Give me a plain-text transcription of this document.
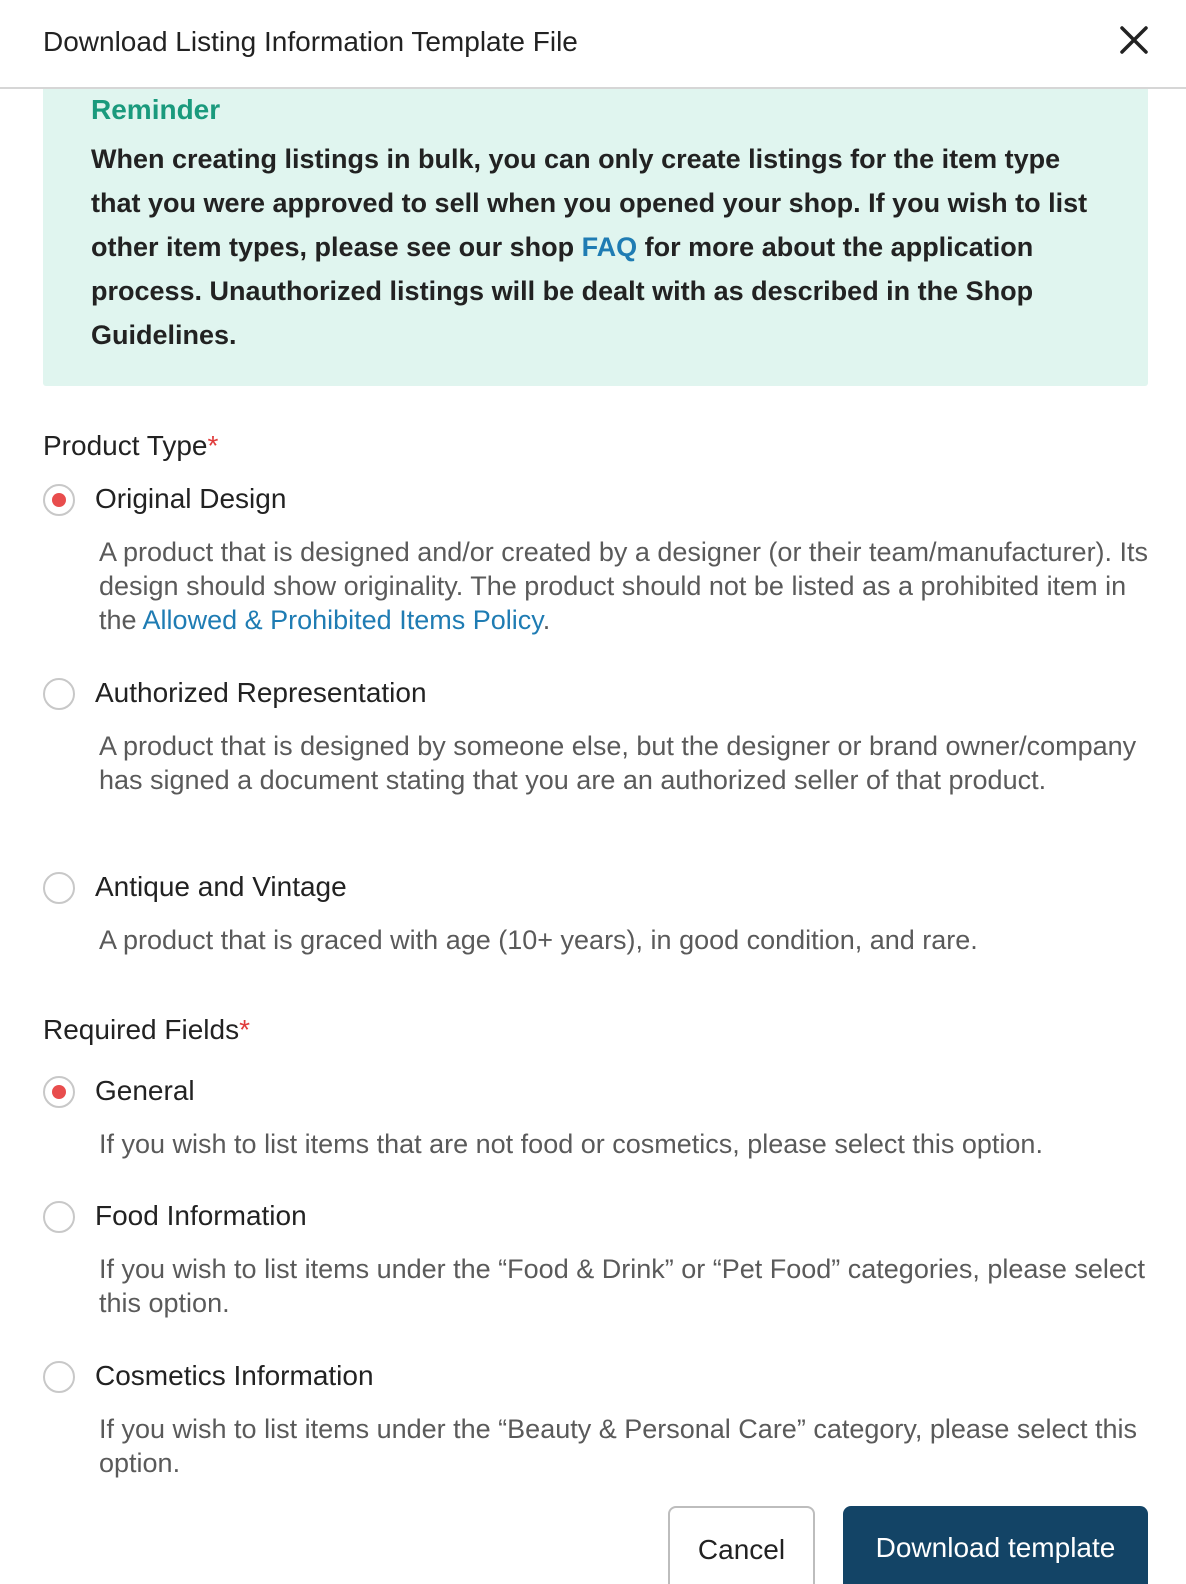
Download Listing Information Template File
Reminder
When creating listings in bulk, you can only create listings for the item type that you were approved to sell when you opened your shop. If you wish to list other item types, please see our shop FAQ for more about the application process. Unauthorized listings will be dealt with as described in the Shop Guidelines.
Product Type*
Original Design
A product that is designed and/or created by a designer (or their team/manufacturer). Its design should show originality. The product should not be listed as a prohibited item in the Allowed & Prohibited Items Policy.
Authorized Representation
A product that is designed by someone else, but the designer or brand owner/company has signed a document stating that you are an authorized seller of that product.
Antique and Vintage
A product that is graced with age (10+ years), in good condition, and rare.
Required Fields*
General
If you wish to list items that are not food or cosmetics, please select this option.
Food Information
If you wish to list items under the “Food & Drink” or “Pet Food” categories, please select this option.
Cosmetics Information
If you wish to list items under the “Beauty & Personal Care” category, please select this option.
Cancel	Download template
